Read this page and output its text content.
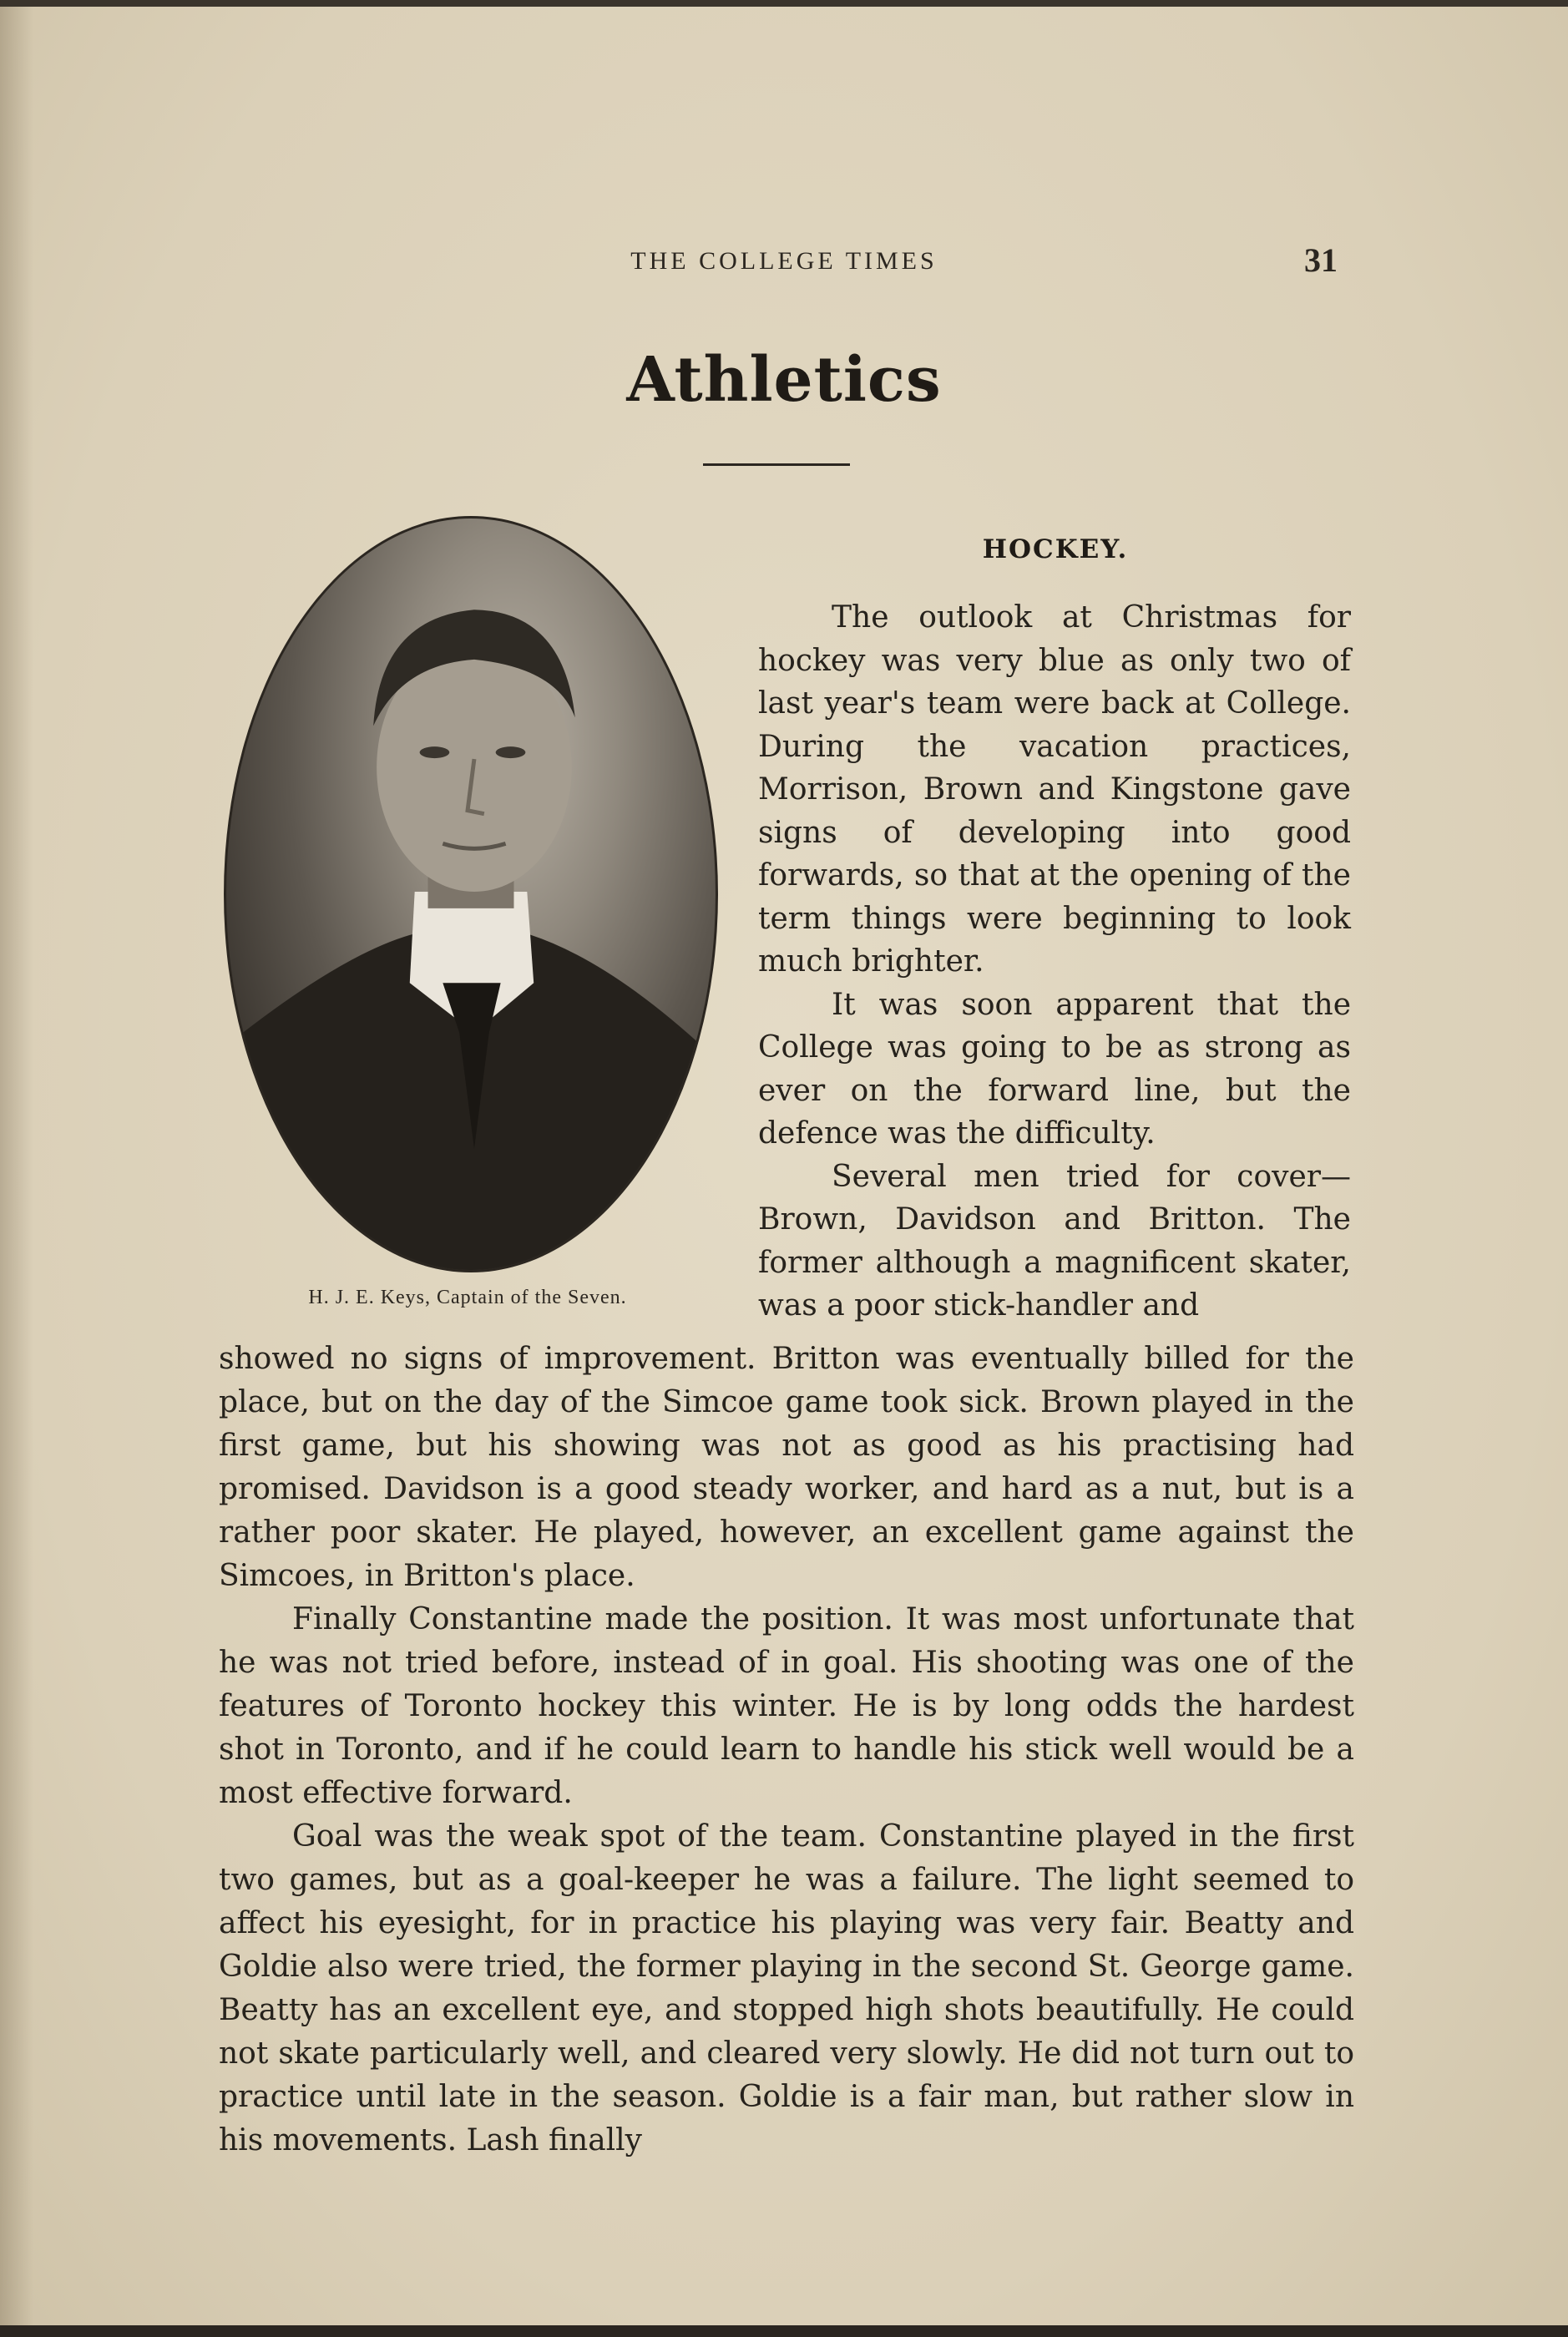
THE COLLEGE TIMES	31
Athletics
H. J. E. Keys, Captain of the Seven.
HOCKEY.

The outlook at Christmas for hockey was very blue as only two of last year's team were back at College. During the vacation practices, Morrison, Brown and Kingstone gave signs of developing into good forwards, so that at the opening of the term things were beginning to look much brighter.

It was soon apparent that the College was going to be as strong as ever on the forward line, but the defence was the difficulty.

Several men tried for cover—Brown, Davidson and Britton. The former although a magnificent skater, was a poor stick-handler and

showed no signs of improvement. Britton was eventually billed for the place, but on the day of the Simcoe game took sick. Brown played in the first game, but his showing was not as good as his practising had promised. Davidson is a good steady worker, and hard as a nut, but is a rather poor skater. He played, however, an excellent game against the Simcoes, in Britton's place.

Finally Constantine made the position. It was most unfortunate that he was not tried before, instead of in goal. His shooting was one of the features of Toronto hockey this winter. He is by long odds the hardest shot in Toronto, and if he could learn to handle his stick well would be a most effective forward.

Goal was the weak spot of the team. Constantine played in the first two games, but as a goal-keeper he was a failure. The light seemed to affect his eyesight, for in practice his playing was very fair. Beatty and Goldie also were tried, the former playing in the second St. George game. Beatty has an excellent eye, and stopped high shots beautifully. He could not skate particularly well, and cleared very slowly. He did not turn out to practice until late in the season. Goldie is a fair man, but rather slow in his movements. Lash finally
